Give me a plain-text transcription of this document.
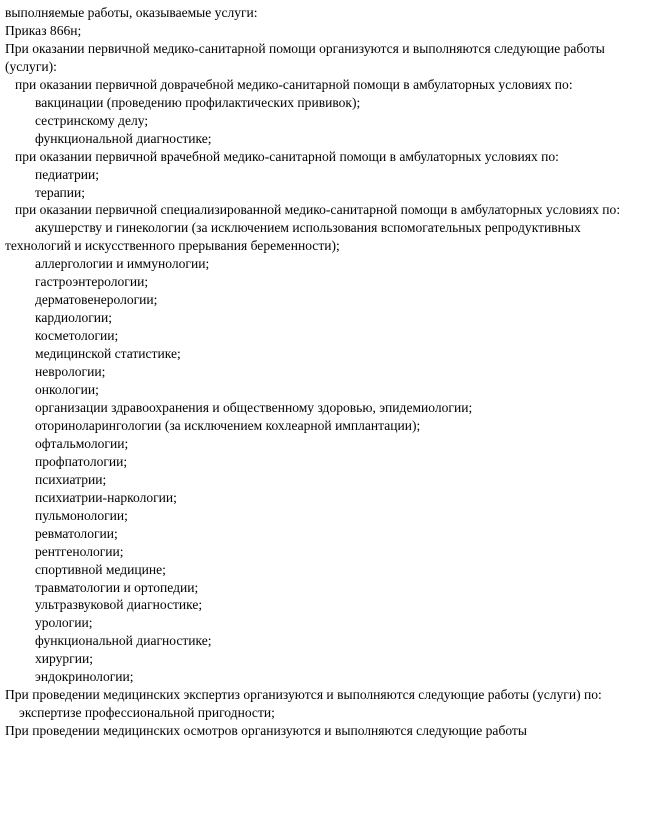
выполняемые работы, оказываемые услуги:
Приказ 866н;
При оказании первичной медико-санитарной помощи организуются и выполняются следующие работы (услуги):
при оказании первичной доврачебной медико-санитарной помощи в амбулаторных условиях по:
вакцинации (проведению профилактических прививок);
сестринскому делу;
функциональной диагностике;
при оказании первичной врачебной медико-санитарной помощи в амбулаторных условиях по:
педиатрии;
терапии;
при оказании первичной специализированной медико-санитарной помощи в амбулаторных условиях по:
акушерству и гинекологии (за исключением использования вспомогательных репродуктивных технологий и искусственного прерывания беременности);
аллергологии и иммунологии;
гастроэнтерологии;
дерматовенерологии;
кардиологии;
косметологии;
медицинской статистике;
неврологии;
онкологии;
организации здравоохранения и общественному здоровью, эпидемиологии;
оториноларингологии (за исключением кохлеарной имплантации);
офтальмологии;
профпатологии;
психиатрии;
психиатрии-наркологии;
пульмонологии;
ревматологии;
рентгенологии;
спортивной медицине;
травматологии и ортопедии;
ультразвуковой диагностике;
урологии;
функциональной диагностике;
хирургии;
эндокринологии;
При проведении медицинских экспертиз организуются и выполняются следующие работы (услуги) по:
экспертизе профессиональной пригодности;
При проведении медицинских осмотров организуются и выполняются следующие работы
